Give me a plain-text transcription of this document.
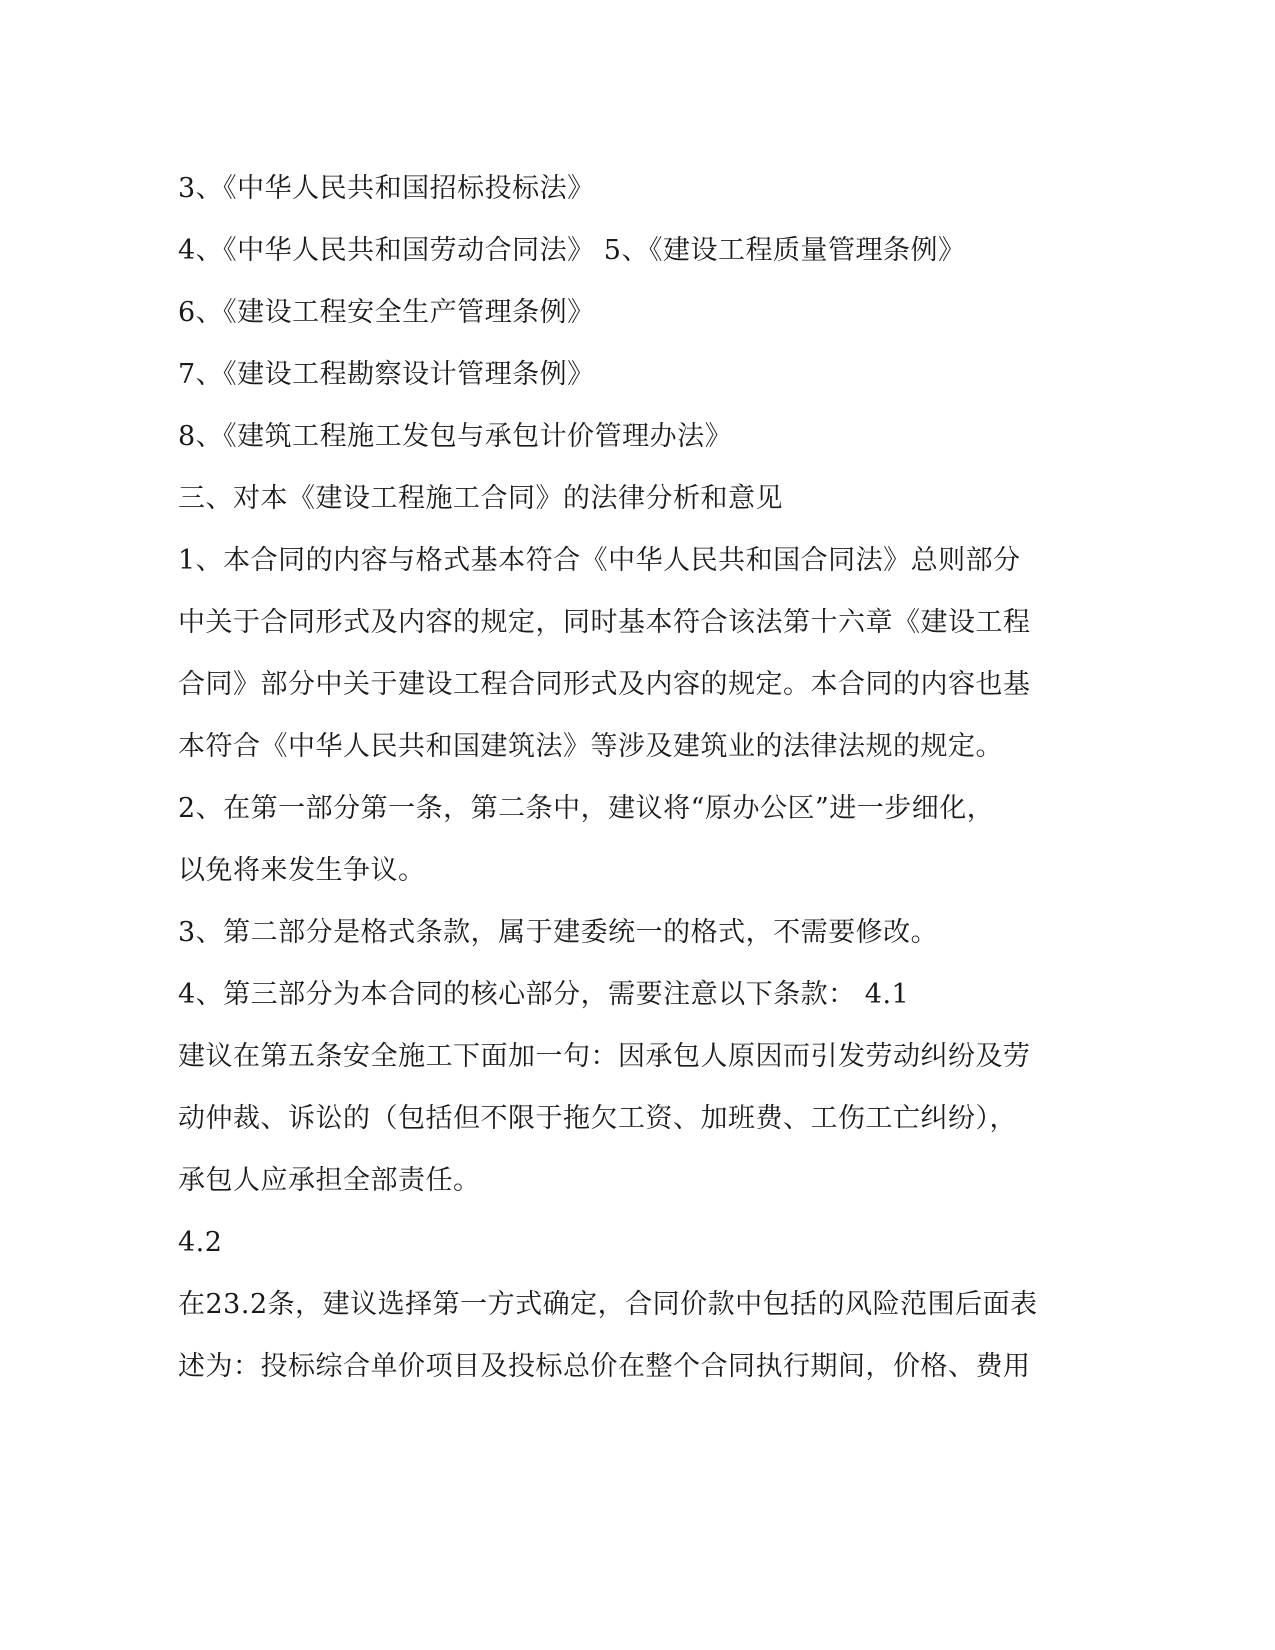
3、《中华人民共和国招标投标法》
4、《中华人民共和国劳动合同法》 5、《建设工程质量管理条例》
6、《建设工程安全生产管理条例》
7、《建设工程勘察设计管理条例》
8、《建筑工程施工发包与承包计价管理办法》
三、对本《建设工程施工合同》的法律分析和意见
1、本合同的内容与格式基本符合《中华人民共和国合同法》总则部分
中关于合同形式及内容的规定，同时基本符合该法第十六章《建设工程
合同》部分中关于建设工程合同形式及内容的规定。本合同的内容也基
本符合《中华人民共和国建筑法》等涉及建筑业的法律法规的规定。
2、在第一部分第一条，第二条中，建议将“原办公区”进一步细化，
以免将来发生争议。
3、第二部分是格式条款，属于建委统一的格式，不需要修改。
4、第三部分为本合同的核心部分，需要注意以下条款： 4.1
建议在第五条安全施工下面加一句：因承包人原因而引发劳动纠纷及劳
动仲裁、诉讼的（包括但不限于拖欠工资、加班费、工伤工亡纠纷），
承包人应承担全部责任。
4.2
在23.2条，建议选择第一方式确定，合同价款中包括的风险范围后面表
述为：投标综合单价项目及投标总价在整个合同执行期间，价格、费用
